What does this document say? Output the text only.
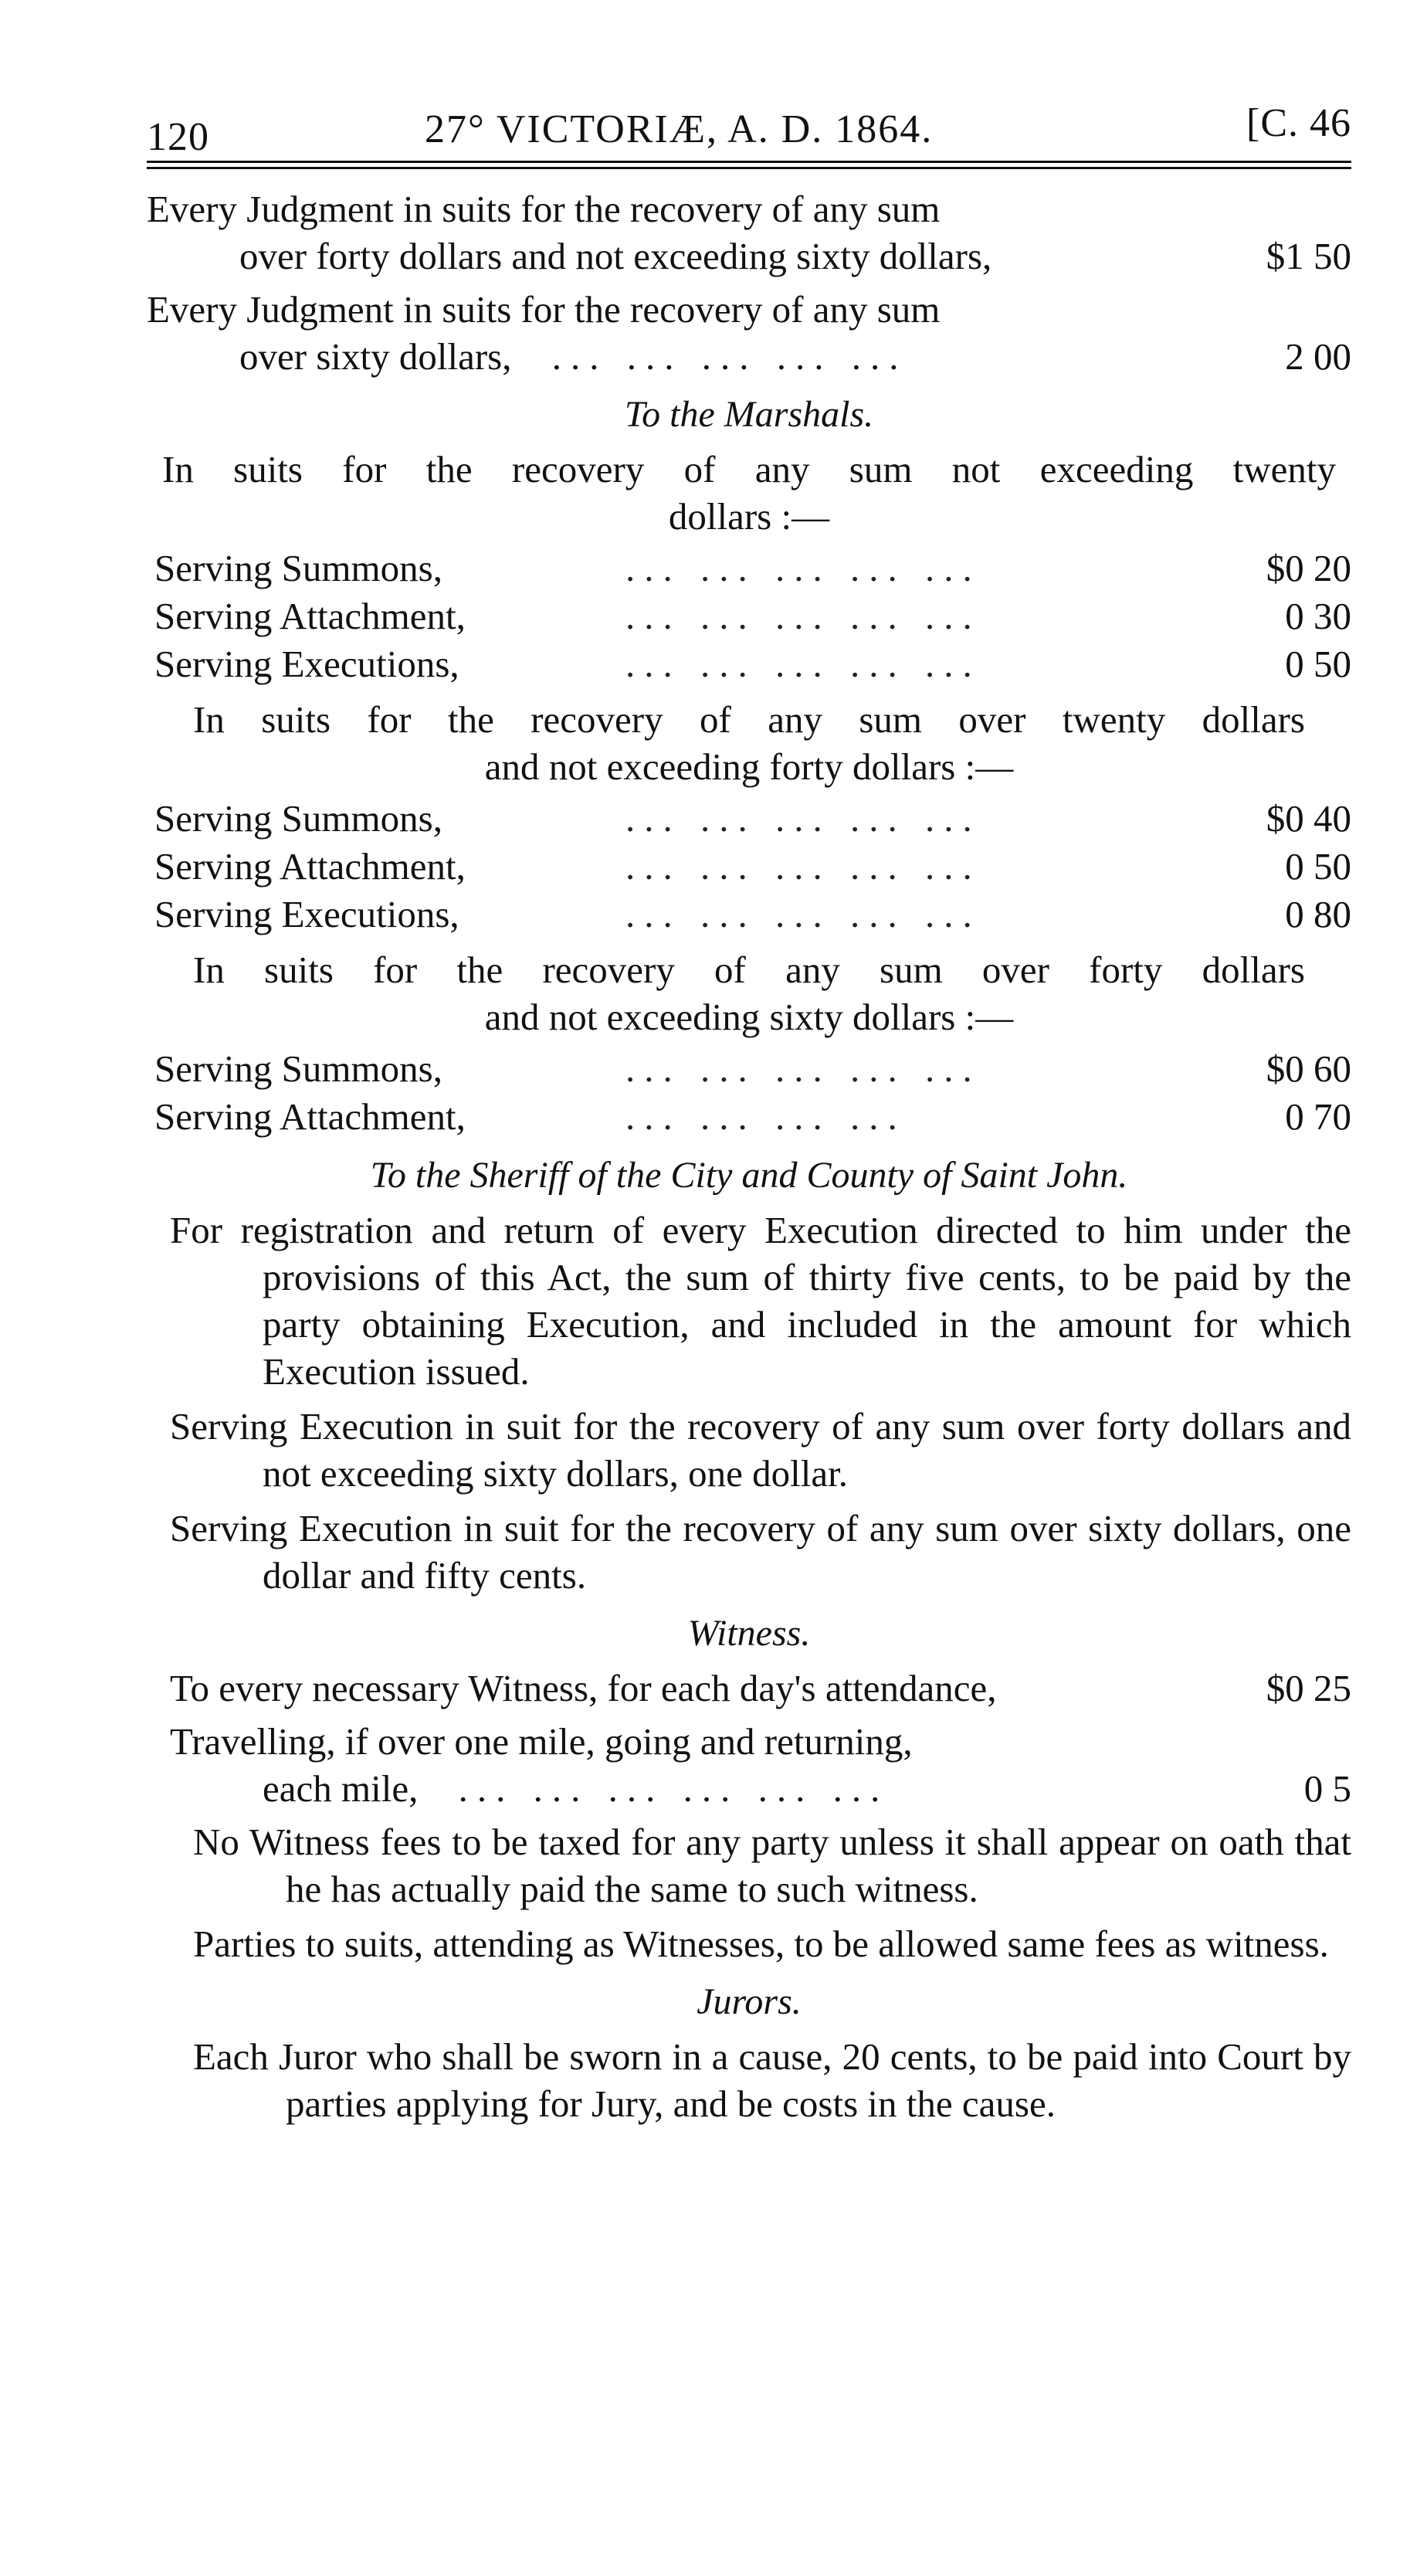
120	27° VICTORIÆ, A. D. 1864.	[C. 46
Every Judgment in suits for the recovery of any sum
over forty dollars and not exceeding sixty dollars,	$1 50
Every Judgment in suits for the recovery of any sum
over sixty dollars, ... ... ... ... ...	2 00
To the Marshals.
In suits for the recovery of any sum not exceeding twenty
dollars :—
Serving Summons,	... ... ... ... ...	$0 20
Serving Attachment,	... ... ... ... ...	0 30
Serving Executions,	... ... ... ... ...	0 50
In suits for the recovery of any sum over twenty dollars
and not exceeding forty dollars :—
Serving Summons,	... ... ... ... ...	$0 40
Serving Attachment,	... ... ... ... ...	0 50
Serving Executions,	... ... ... ... ...	0 80
In suits for the recovery of any sum over forty dollars
and not exceeding sixty dollars :—
Serving Summons,	... ... ... ... ...	$0 60
Serving Attachment,	... ... ... ...	0 70
To the Sheriff of the City and County of Saint John.
For registration and return of every Execution directed to him under the provisions of this Act, the sum of thirty five cents, to be paid by the party obtaining Execution, and included in the amount for which Execution issued.
Serving Execution in suit for the recovery of any sum over forty dollars and not exceeding sixty dollars, one dollar.
Serving Execution in suit for the recovery of any sum over sixty dollars, one dollar and fifty cents.
Witness.
To every necessary Witness, for each day's attendance,	$0 25
Travelling, if over one mile, going and returning,
each mile, ... ... ... ... ... ...	0 5
No Witness fees to be taxed for any party unless it shall appear on oath that he has actually paid the same to such witness.
Parties to suits, attending as Witnesses, to be allowed same fees as witness.
Jurors.
Each Juror who shall be sworn in a cause, 20 cents, to be paid into Court by parties applying for Jury, and be costs in the cause.
